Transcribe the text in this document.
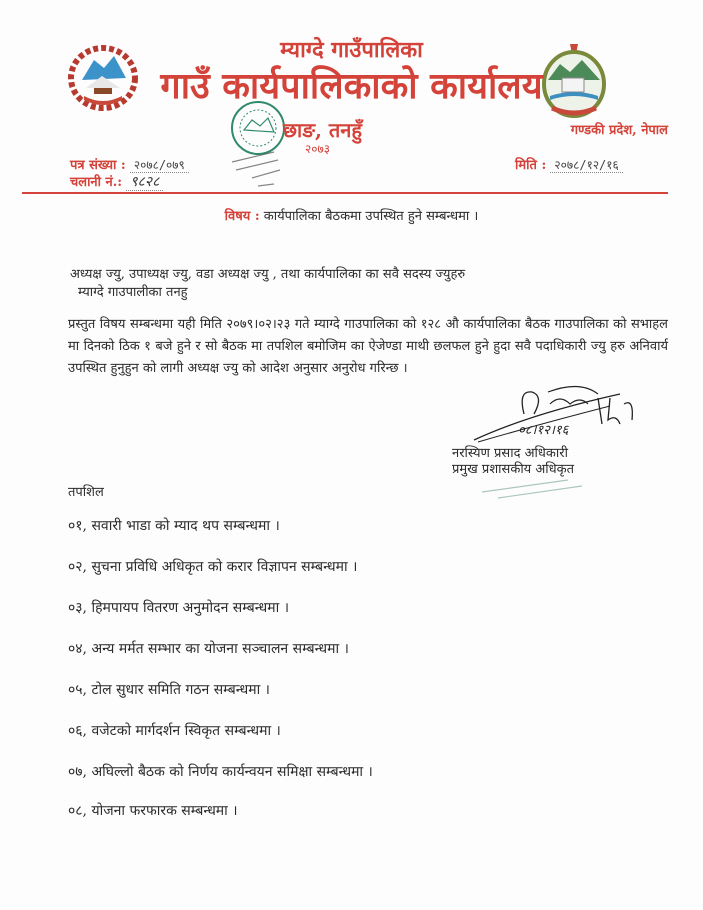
म्याग्दे गाउँपालिका
गाउँ कार्यपालिकाको कार्यालय
छाङ, तनहुँ
२०७३
गण्डकी प्रदेश, नेपाल
पत्र संख्या : २०७८/०७९
चलानी नं.: ९८२८
मिति : २०७८/१२/१६
विषय : कार्यपालिका बैठकमा उपस्थित हुने सम्बन्धमा ।
अध्यक्ष ज्यु, उपाध्यक्ष ज्यु, वडा अध्यक्ष ज्यु , तथा कार्यपालिका का सवै सदस्य ज्युहरु
म्याग्दे गाउपालीका तनहु
प्रस्तुत विषय सम्बन्धमा यही मिति २०७९।०२।२३ गते म्याग्दे गाउपालिका को १२८ औ कार्यपालिका बैठक गाउपालिका को सभाहल मा दिनको ठिक १ बजे हुने र सो बैठक मा तपशिल बमोजिम का ऐजेण्डा माथी छलफल हुने हुदा सवै पदाधिकारी ज्यु हरु अनिवार्य उपस्थित हुनुहुन को लागी अध्यक्ष ज्यु को आदेश अनुसार अनुरोध गरिन्छ ।
०८।१२।१६
नरस्यिण प्रसाद अधिकारी
प्रमुख प्रशासकीय अधिकृत
तपशिल
०१, सवारी भाडा को म्याद थप सम्बन्धमा ।
०२, सुचना प्रविधि अधिकृत को करार विज्ञापन सम्बन्धमा ।
०३, हिमपायप वितरण अनुमोदन सम्बन्धमा ।
०४, अन्य मर्मत सम्भार का योजना सञ्चालन सम्बन्धमा ।
०५, टोल सुधार समिति गठन सम्बन्धमा ।
०६, वजेटको मार्गदर्शन स्विकृत सम्बन्धमा ।
०७, अघिल्लो बैठक को निर्णय कार्यन्वयन समिक्षा सम्बन्धमा ।
०८, योजना फरफारक सम्बन्धमा ।
